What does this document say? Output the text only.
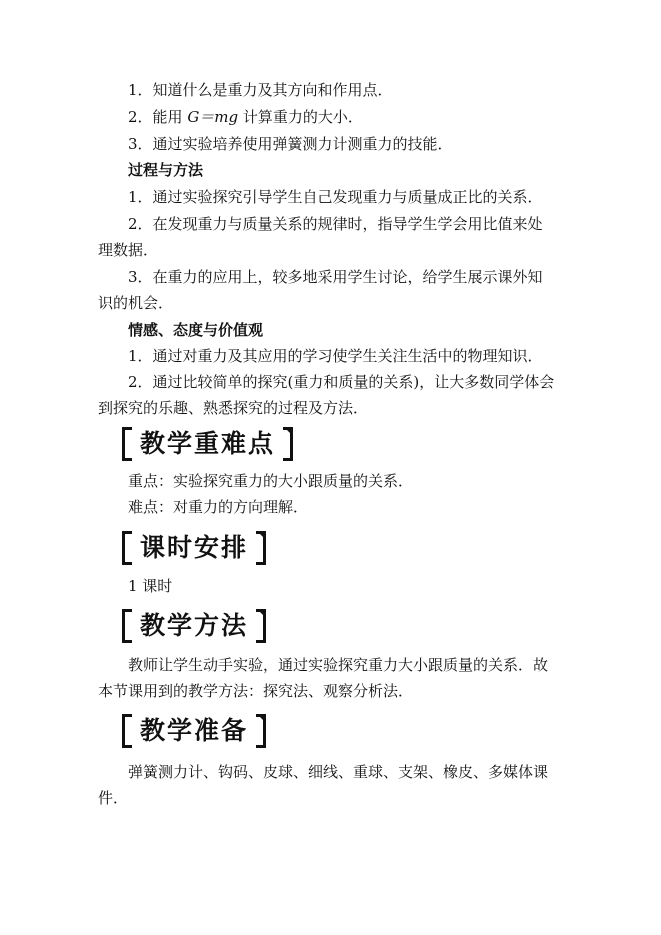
1．知道什么是重力及其方向和作用点．
2．能用 G＝mg 计算重力的大小．
3．通过实验培养使用弹簧测力计测重力的技能．
过程与方法
1．通过实验探究引导学生自己发现重力与质量成正比的关系．
2．在发现重力与质量关系的规律时，指导学生学会用比值来处
理数据．
3．在重力的应用上，较多地采用学生讨论，给学生展示课外知
识的机会．
情感、态度与价值观
1．通过对重力及其应用的学习使学生关注生活中的物理知识．
2．通过比较简单的探究(重力和质量的关系)，让大多数同学体会
到探究的乐趣、熟悉探究的过程及方法．
教学重难点
重点：实验探究重力的大小跟质量的关系．
难点：对重力的方向理解．
课时安排
1 课时
教学方法
教师让学生动手实验，通过实验探究重力大小跟质量的关系．故
本节课用到的教学方法：探究法、观察分析法．
教学准备
弹簧测力计、钩码、皮球、细线、重球、支架、橡皮、多媒体课
件．
